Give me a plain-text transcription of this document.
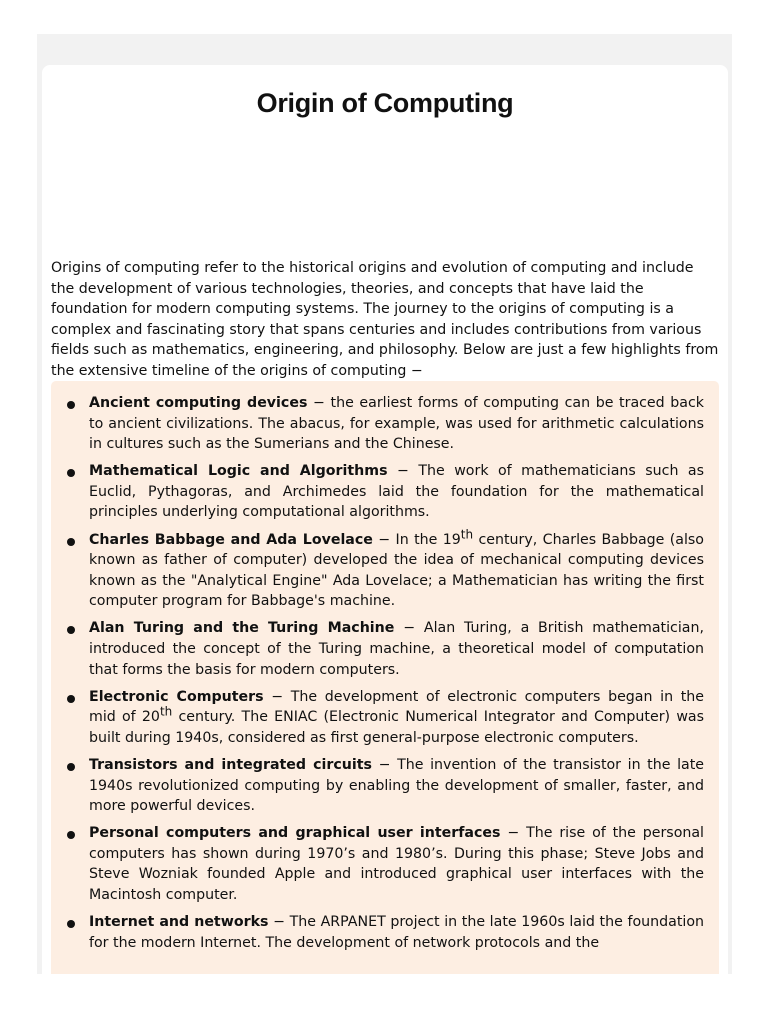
Origin of Computing

Origins of computing refer to the historical origins and evolution of computing and include the development of various technologies, theories, and concepts that have laid the foundation for modern computing systems. The journey to the origins of computing is a complex and fascinating story that spans centuries and includes contributions from various fields such as mathematics, engineering, and philosophy. Below are just a few highlights from the extensive timeline of the origins of computing −

Ancient computing devices − the earliest forms of computing can be traced back to ancient civilizations. The abacus, for example, was used for arithmetic calculations in cultures such as the Sumerians and the Chinese.
Mathematical Logic and Algorithms − The work of mathematicians such as Euclid, Pythagoras, and Archimedes laid the foundation for the mathematical principles underlying computational algorithms.
Charles Babbage and Ada Lovelace − In the 19th century, Charles Babbage (also known as father of computer) developed the idea of mechanical computing devices known as the "Analytical Engine" Ada Lovelace; a Mathematician has writing the first computer program for Babbage's machine.
Alan Turing and the Turing Machine − Alan Turing, a British mathematician, introduced the concept of the Turing machine, a theoretical model of computation that forms the basis for modern computers.
Electronic Computers − The development of electronic computers began in the mid of 20th century. The ENIAC (Electronic Numerical Integrator and Computer) was built during 1940s, considered as first general-purpose electronic computers.
Transistors and integrated circuits − The invention of the transistor in the late 1940s revolutionized computing by enabling the development of smaller, faster, and more powerful devices.
Personal computers and graphical user interfaces − The rise of the personal computers has shown during 1970’s and 1980’s. During this phase; Steve Jobs and Steve Wozniak founded Apple and introduced graphical user interfaces with the Macintosh computer.
Internet and networks − The ARPANET project in the late 1960s laid the foundation for the modern Internet. The development of network protocols and the
